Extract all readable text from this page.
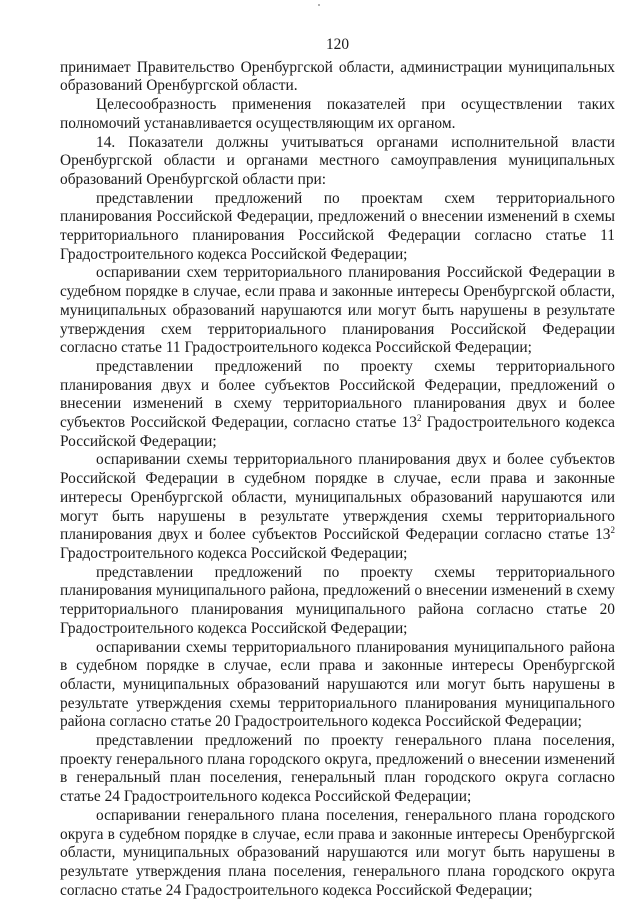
120

принимает Правительство Оренбургской области, администрации муниципальных образований Оренбургской области.

Целесообразность применения показателей при осуществлении таких полномочий устанавливается осуществляющим их органом.

14. Показатели должны учитываться органами исполнительной власти Оренбургской области и органами местного самоуправления муниципальных образований Оренбургской области при:

представлении предложений по проектам схем территориального планирования Российской Федерации, предложений о внесении изменений в схемы территориального планирования Российской Федерации согласно статье 11 Градостроительного кодекса Российской Федерации;

оспаривании схем территориального планирования Российской Федерации в судебном порядке в случае, если права и законные интересы Оренбургской области, муниципальных образований нарушаются или могут быть нарушены в результате утверждения схем территориального планирования Российской Федерации согласно статье 11 Градостроительного кодекса Российской Федерации;

представлении предложений по проекту схемы территориального планирования двух и более субъектов Российской Федерации, предложений о внесении изменений в схему территориального планирования двух и более субъектов Российской Федерации, согласно статье $13^2$ Градостроительного кодекса Российской Федерации;

оспаривании схемы территориального планирования двух и более субъектов Российской Федерации в судебном порядке в случае, если права и законные интересы Оренбургской области, муниципальных образований нарушаются или могут быть нарушены в результате утверждения схемы территориального планирования двух и более субъектов Российской Федерации согласно статье $13^2$ Градостроительного кодекса Российской Федерации;

представлении предложений по проекту схемы территориального планирования муниципального района, предложений о внесении изменений в схему территориального планирования муниципального района согласно статье 20 Градостроительного кодекса Российской Федерации;

оспаривании схемы территориального планирования муниципального района в судебном порядке в случае, если права и законные интересы Оренбургской области, муниципальных образований нарушаются или могут быть нарушены в результате утверждения схемы территориального планирования муниципального района согласно статье 20 Градостроительного кодекса Российской Федерации;

представлении предложений по проекту генерального плана поселения, проекту генерального плана городского округа, предложений о внесении изменений в генеральный план поселения, генеральный план городского округа согласно статье 24 Градостроительного кодекса Российской Федерации;

оспаривании генерального плана поселения, генерального плана городского округа в судебном порядке в случае, если права и законные интересы Оренбургской области, муниципальных образований нарушаются или могут быть нарушены в результате утверждения плана поселения, генерального плана городского округа согласно статье 24 Градостроительного кодекса Российской Федерации;
